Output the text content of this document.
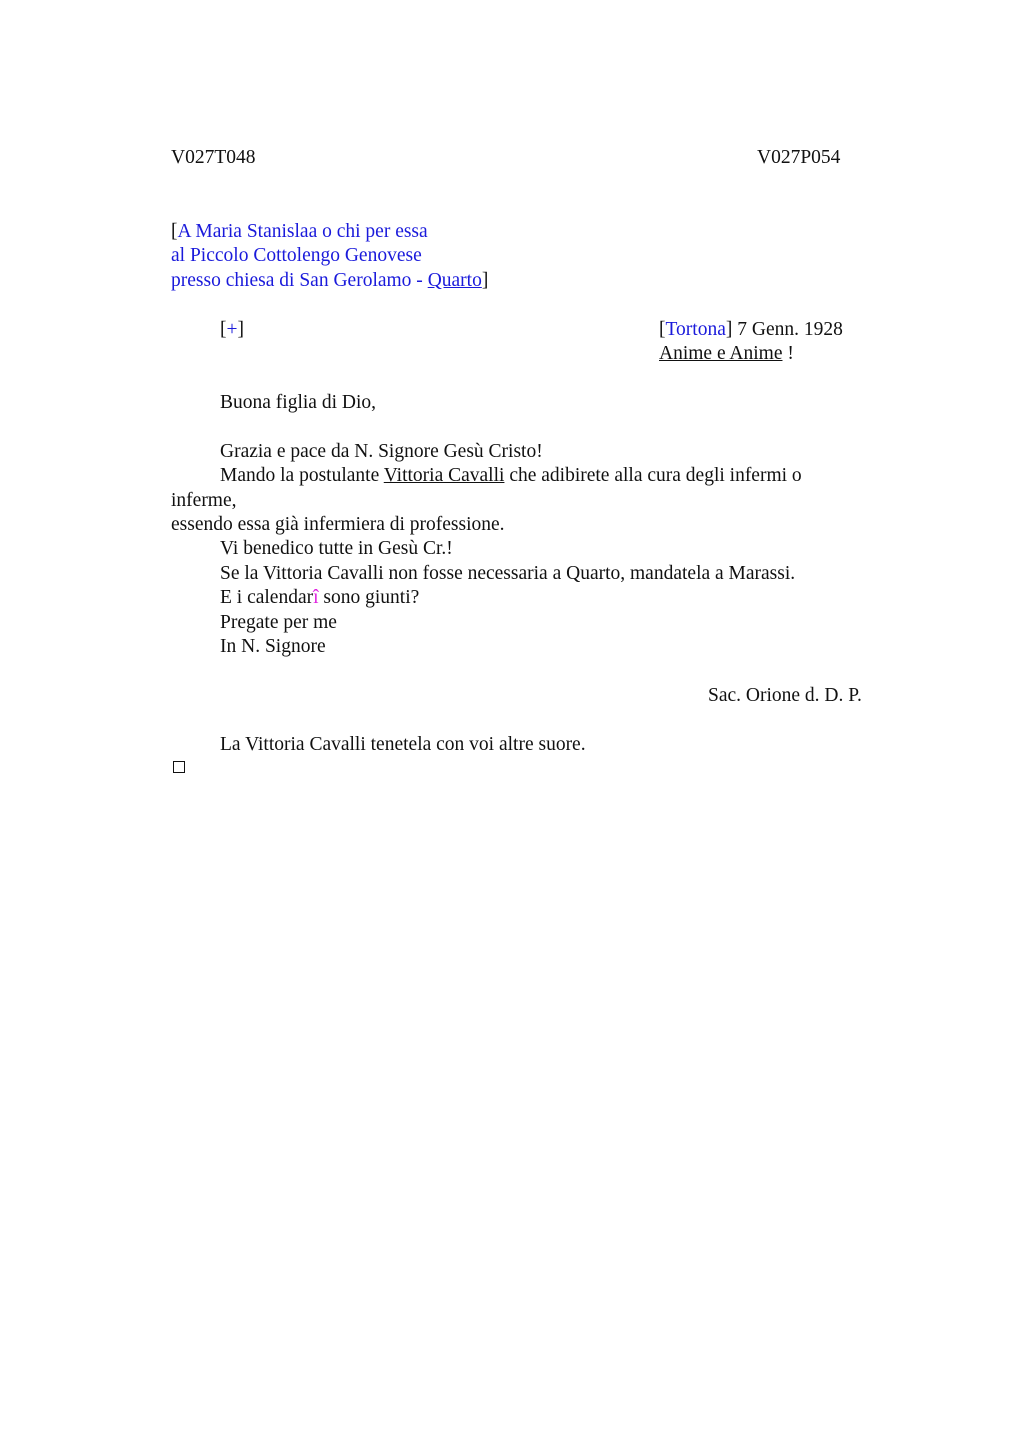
V027T048	V027P054
[A Maria Stanislaa o chi per essa
al Piccolo Cottolengo Genovese
presso chiesa di San Gerolamo - Quarto]
[+]	[Tortona] 7 Genn. 1928
Anime e Anime !
Buona figlia di Dio,
Grazia e pace da N. Signore Gesù Cristo!
Mando la postulante Vittoria Cavalli che adibirete alla cura degli infermi o
inferme,
essendo essa già infermiera di professione.
Vi benedico tutte in Gesù Cr.!
Se la Vittoria Cavalli non fosse necessaria a Quarto, mandatela a Marassi.
E i calendarî sono giunti?
Pregate per me
In N. Signore
Sac. Orione d. D. P.
La Vittoria Cavalli tenetela con voi altre suore.
